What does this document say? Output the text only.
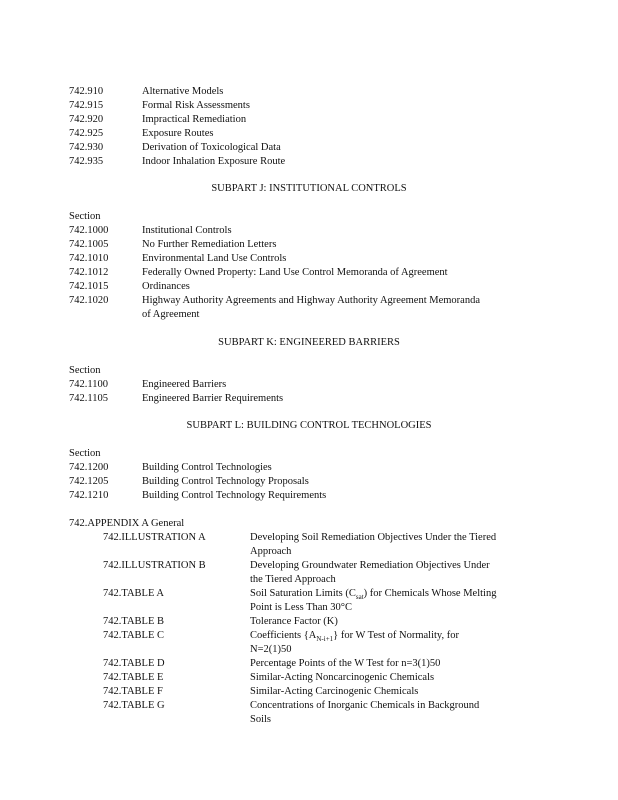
742.910	Alternative Models
742.915	Formal Risk Assessments
742.920	Impractical Remediation
742.925	Exposure Routes
742.930	Derivation of Toxicological Data
742.935	Indoor Inhalation Exposure Route
SUBPART J: INSTITUTIONAL CONTROLS
Section
742.1000	Institutional Controls
742.1005	No Further Remediation Letters
742.1010	Environmental Land Use Controls
742.1012	Federally Owned Property: Land Use Control Memoranda of Agreement
742.1015	Ordinances
742.1020	Highway Authority Agreements and Highway Authority Agreement Memoranda
of Agreement
SUBPART K: ENGINEERED BARRIERS
Section
742.1100	Engineered Barriers
742.1105	Engineered Barrier Requirements
SUBPART L: BUILDING CONTROL TECHNOLOGIES
Section
742.1200	Building Control Technologies
742.1205	Building Control Technology Proposals
742.1210	Building Control Technology Requirements
742.APPENDIX A General
742.ILLUSTRATION A	Developing Soil Remediation Objectives Under the Tiered
Approach
742.ILLUSTRATION B	Developing Groundwater Remediation Objectives Under
the Tiered Approach
742.TABLE A	Soil Saturation Limits $(C_{sat})$ for Chemicals Whose Melting
Point is Less Than 30°C
742.TABLE B	Tolerance Factor (K)
742.TABLE C	Coefficients $\{A_{N-i+1}\}$ for W Test of Normality, for
N=2(1)50
742.TABLE D	Percentage Points of the W Test for n=3(1)50
742.TABLE E	Similar-Acting Noncarcinogenic Chemicals
742.TABLE F	Similar-Acting Carcinogenic Chemicals
742.TABLE G	Concentrations of Inorganic Chemicals in Background
Soils
